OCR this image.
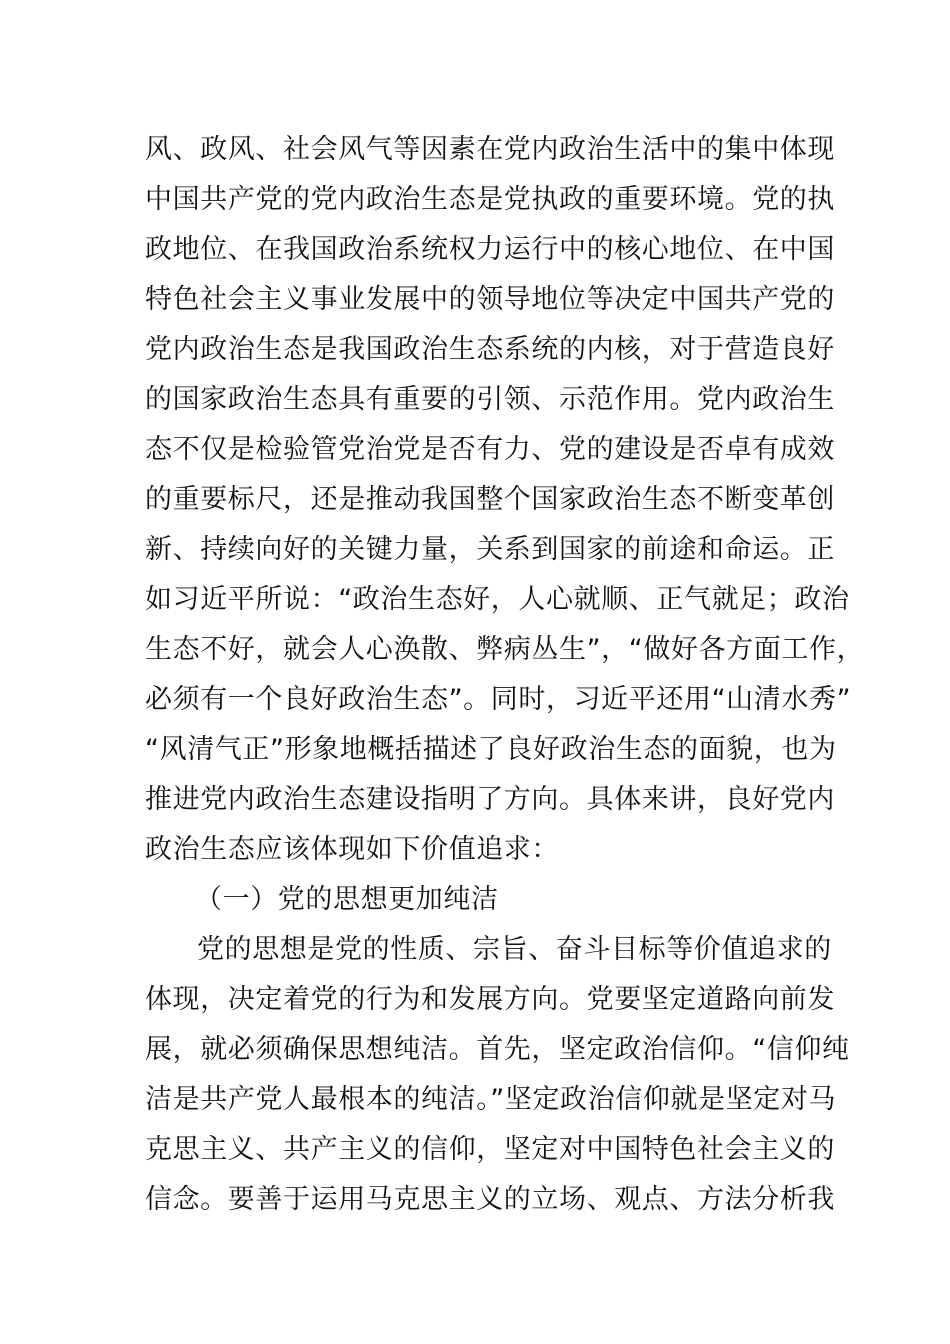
风、政风、社会风气等因素在党内政治生活中的集中体现
中国共产党的党内政治生态是党执政的重要环境。党的执
政地位、在我国政治系统权力运行中的核心地位、在中国
特色社会主义事业发展中的领导地位等决定中国共产党的
党内政治生态是我国政治生态系统的内核，对于营造良好
的国家政治生态具有重要的引领、示范作用。党内政治生
态不仅是检验管党治党是否有力、党的建设是否卓有成效
的重要标尺，还是推动我国整个国家政治生态不断变革创
新、持续向好的关键力量，关系到国家的前途和命运。正
如习近平所说：“政治生态好，人心就顺、正气就足；政治
生态不好，就会人心涣散、弊病丛生”，“做好各方面工作，
必须有一个良好政治生态”。同时，习近平还用“山清水秀”
“风清气正”形象地概括描述了良好政治生态的面貌，也为
推进党内政治生态建设指明了方向。具体来讲，良好党内
政治生态应该体现如下价值追求：
（一）党的思想更加纯洁
党的思想是党的性质、宗旨、奋斗目标等价值追求的
体现，决定着党的行为和发展方向。党要坚定道路向前发
展，就必须确保思想纯洁。首先，坚定政治信仰。“信仰纯
洁是共产党人最根本的纯洁。”坚定政治信仰就是坚定对马
克思主义、共产主义的信仰，坚定对中国特色社会主义的
信念。要善于运用马克思主义的立场、观点、方法分析我
